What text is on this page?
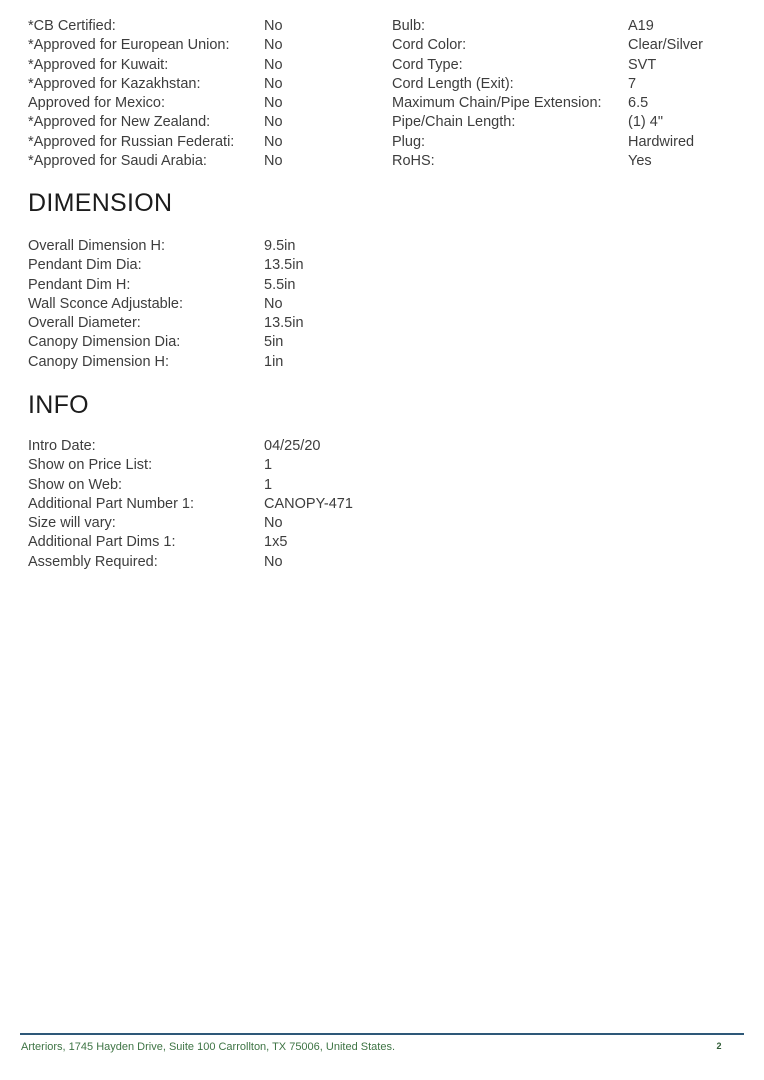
*CB Certified:	No
*Approved for European Union:	No
*Approved for Kuwait:	No
*Approved for Kazakhstan:	No
Approved for Mexico:	No
*Approved for New Zealand:	No
*Approved for Russian Federati:	No
*Approved for Saudi Arabia:	No
Bulb:	A19
Cord Color:	Clear/Silver
Cord Type:	SVT
Cord Length (Exit):	7
Maximum Chain/Pipe Extension:	6.5
Pipe/Chain Length:	(1) 4"
Plug:	Hardwired
RoHS:	Yes
DIMENSION
Overall Dimension H:	9.5in
Pendant Dim Dia:	13.5in
Pendant Dim H:	5.5in
Wall Sconce Adjustable:	No
Overall Diameter:	13.5in
Canopy Dimension Dia:	5in
Canopy Dimension H:	1in
INFO
Intro Date:	04/25/20
Show on Price List:	1
Show on Web:	1
Additional Part Number 1:	CANOPY-471
Size will vary:	No
Additional Part Dims 1:	1x5
Assembly Required:	No
Arteriors, 1745 Hayden Drive, Suite 100 Carrollton, TX 75006, United States.	2
